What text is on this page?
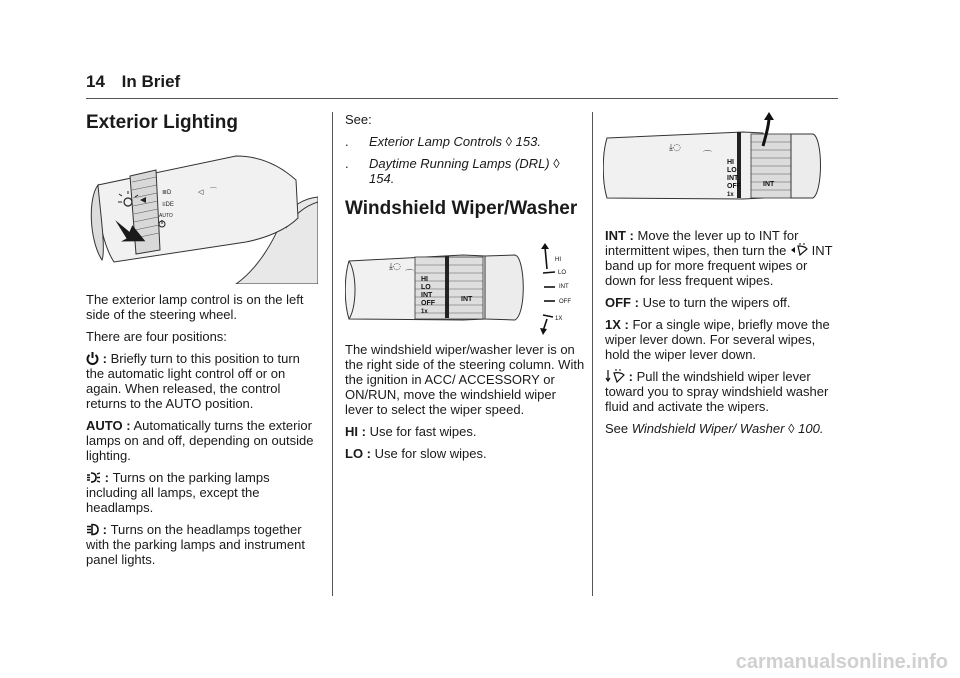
14 In Brief
Exterior Lighting
≣D
≡DE
AUTO
◁ ⌒

The exterior lamp control is on the left side of the steering wheel.

There are four positions:

: Briefly turn to this position to turn the automatic light control off or on again. When released, the control returns to the AUTO position.

AUTO : Automatically turns the exterior lamps on and off, depending on outside lighting.

: Turns on the parking lamps including all lamps, except the headlamps.

: Turns on the headlamps together with the parking lamps and instrument panel lights.

See:

.	Exterior Lamp Controls ◊ 153.
.	Daytime Running Lamps (DRL) ◊ 154.
Windshield Wiper/Washer
HI
LO
INT
OFF
1x
INT
⤓◌
⌒
HI
LO
INT
OFF
1X

The windshield wiper/washer lever is on the right side of the steering column. With the ignition in ACC/ ACCESSORY or ON/RUN, move the windshield wiper lever to select the wiper speed.

HI : Use for fast wipes.

LO : Use for slow wipes.

HI
LO
INT
OFF
1x
INT
⤓◌
⌒

INT : Move the lever up to INT for intermittent wipes, then turn the INT band up for more frequent wipes or down for less frequent wipes.

OFF : Use to turn the wipers off.

1X : For a single wipe, briefly move the wiper lever down. For several wipes, hold the wiper lever down.

: Pull the windshield wiper lever toward you to spray windshield washer fluid and activate the wipers.

See Windshield Wiper/ Washer ◊ 100.

carmanualsonline.info
